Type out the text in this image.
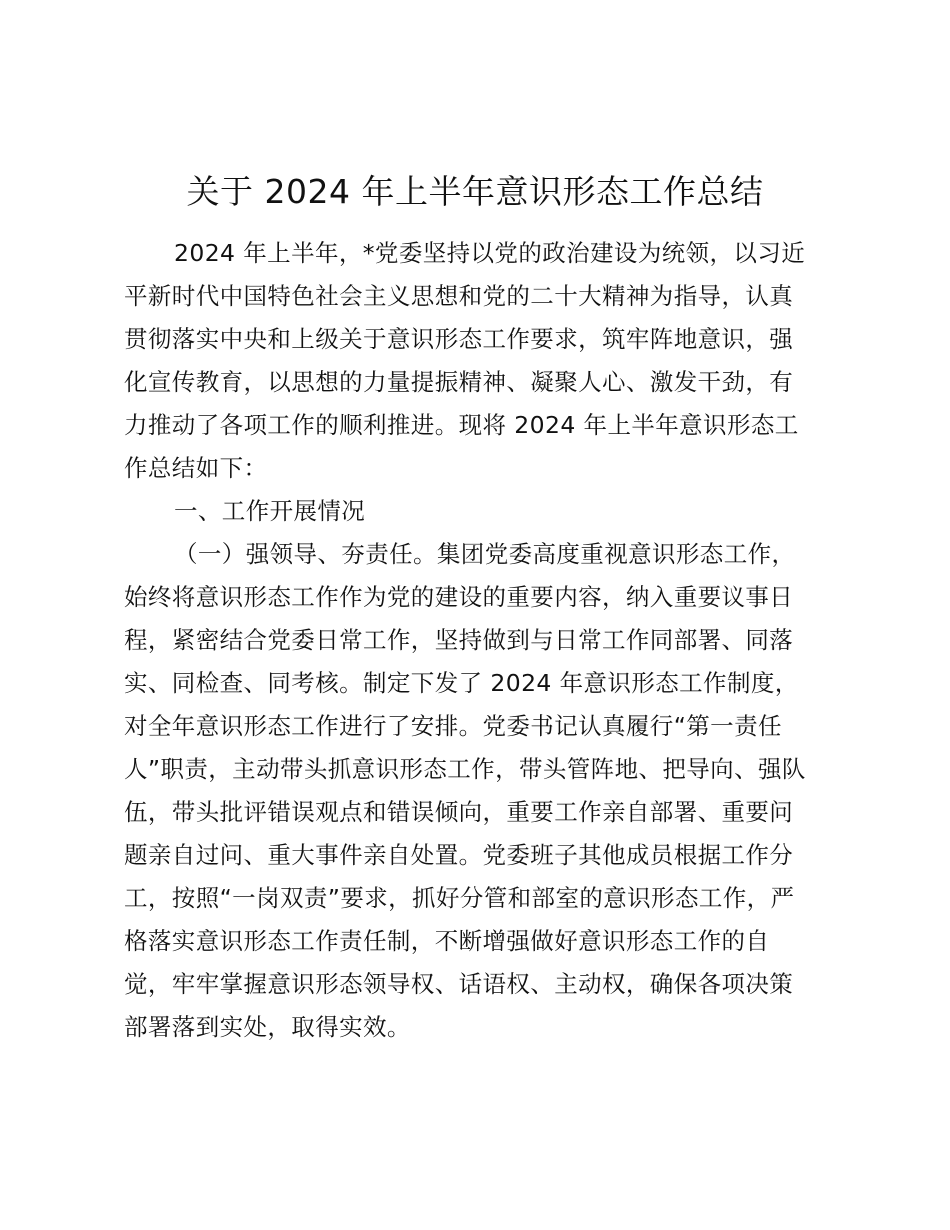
关于 2024 年上半年意识形态工作总结
2024 年上半年，*党委坚持以党的政治建设为统领，以习近
平新时代中国特色社会主义思想和党的二十大精神为指导，认真
贯彻落实中央和上级关于意识形态工作要求，筑牢阵地意识，强
化宣传教育，以思想的力量提振精神、凝聚人心、激发干劲，有
力推动了各项工作的顺利推进。现将 2024 年上半年意识形态工
作总结如下：
一、工作开展情况
（一）强领导、夯责任。集团党委高度重视意识形态工作，
始终将意识形态工作作为党的建设的重要内容，纳入重要议事日
程，紧密结合党委日常工作，坚持做到与日常工作同部署、同落
实、同检查、同考核。制定下发了 2024 年意识形态工作制度，
对全年意识形态工作进行了安排。党委书记认真履行“第一责任
人”职责，主动带头抓意识形态工作，带头管阵地、把导向、强队
伍，带头批评错误观点和错误倾向，重要工作亲自部署、重要问
题亲自过问、重大事件亲自处置。党委班子其他成员根据工作分
工，按照“一岗双责”要求，抓好分管和部室的意识形态工作，严
格落实意识形态工作责任制，不断增强做好意识形态工作的自
觉，牢牢掌握意识形态领导权、话语权、主动权，确保各项决策
部署落到实处，取得实效。
